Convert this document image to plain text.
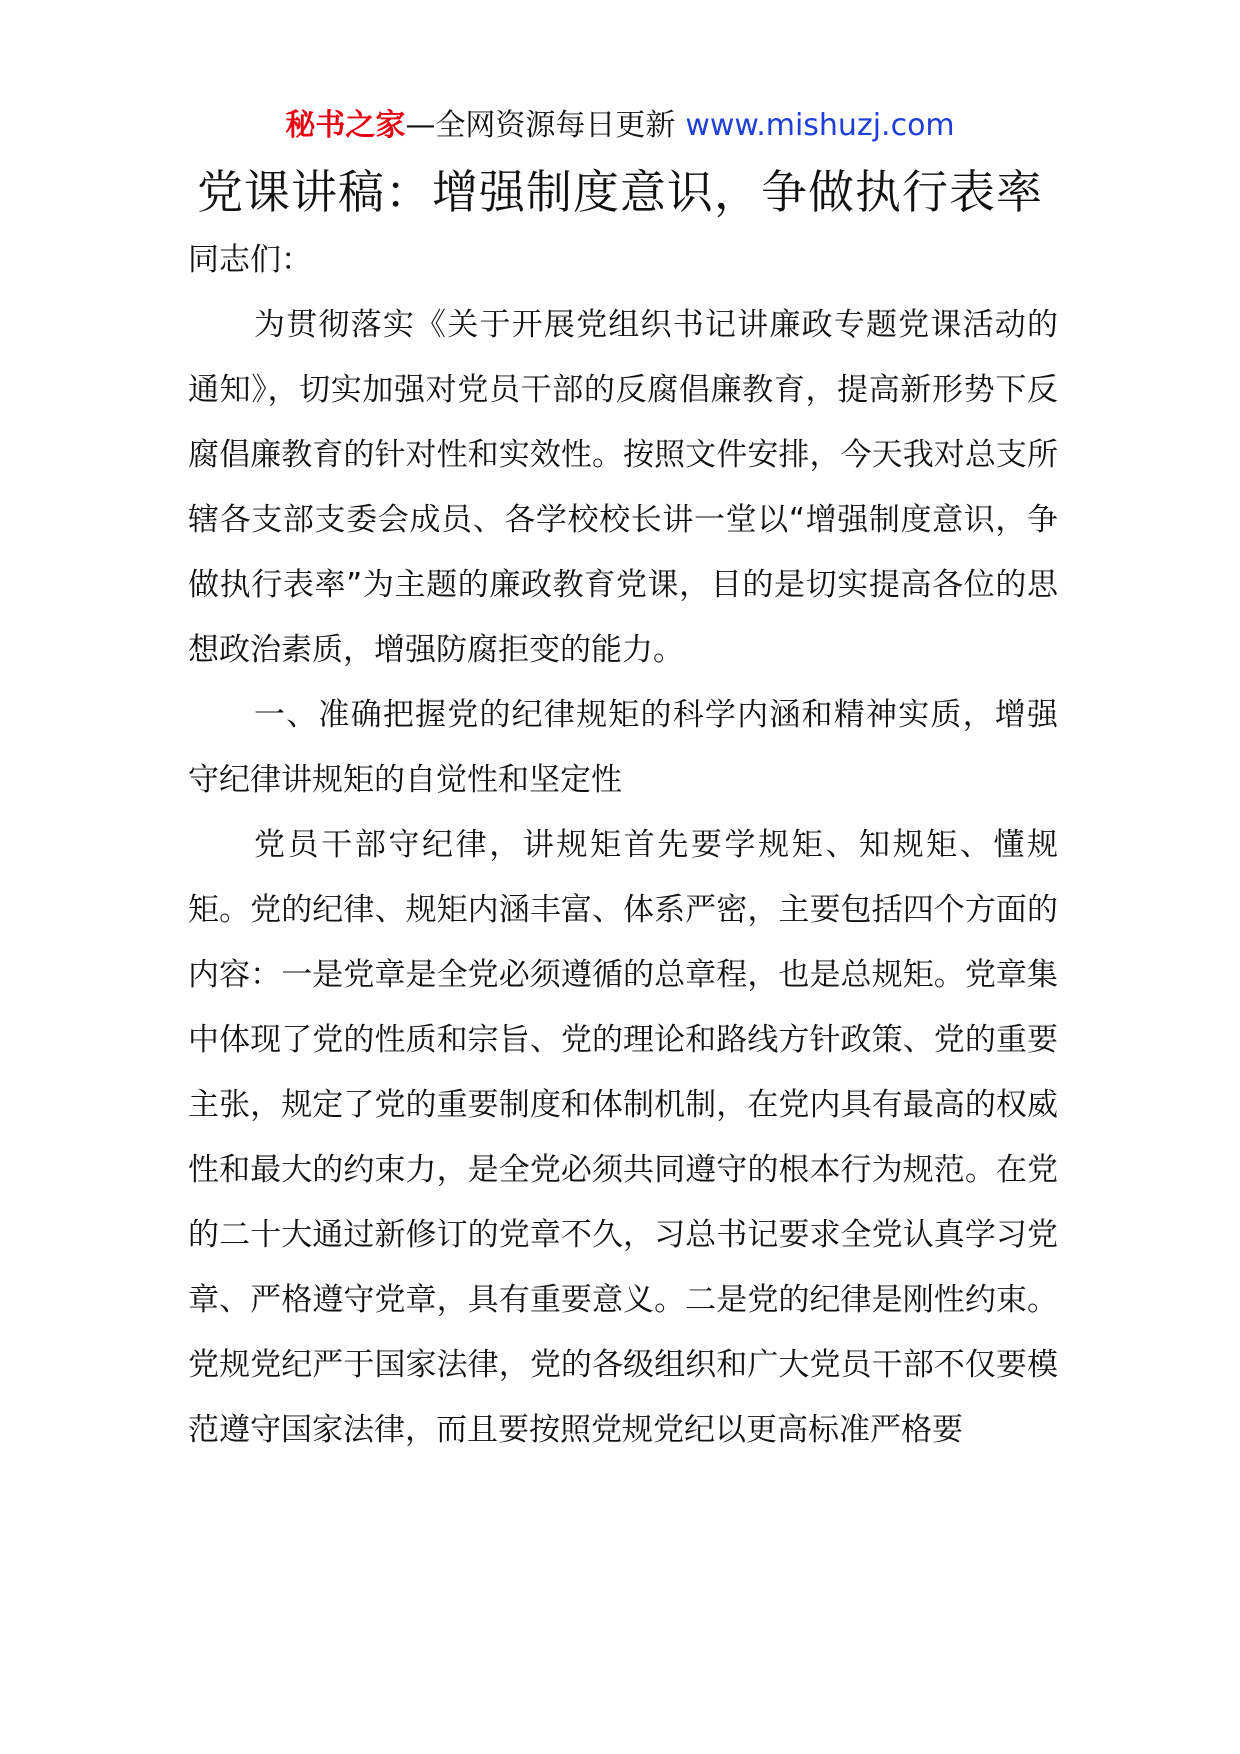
秘书之家—全网资源每日更新 www.mishuzj.com
党课讲稿：增强制度意识，争做执行表率

同志们：

为贯彻落实《关于开展党组织书记讲廉政专题党课活动的通知》，切实加强对党员干部的反腐倡廉教育，提高新形势下反腐倡廉教育的针对性和实效性。按照文件安排，今天我对总支所辖各支部支委会成员、各学校校长讲一堂以“增强制度意识，争做执行表率”为主题的廉政教育党课，目的是切实提高各位的思想政治素质，增强防腐拒变的能力。

一、准确把握党的纪律规矩的科学内涵和精神实质，增强守纪律讲规矩的自觉性和坚定性

党员干部守纪律，讲规矩首先要学规矩、知规矩、懂规矩。党的纪律、规矩内涵丰富、体系严密，主要包括四个方面的内容：一是党章是全党必须遵循的总章程，也是总规矩。党章集中体现了党的性质和宗旨、党的理论和路线方针政策、党的重要主张，规定了党的重要制度和体制机制，在党内具有最高的权威性和最大的约束力，是全党必须共同遵守的根本行为规范。在党的二十大通过新修订的党章不久，习总书记要求全党认真学习党章、严格遵守党章，具有重要意义。二是党的纪律是刚性约束。党规党纪严于国家法律，党的各级组织和广大党员干部不仅要模范遵守国家法律，而且要按照党规党纪以更高标准严格要
